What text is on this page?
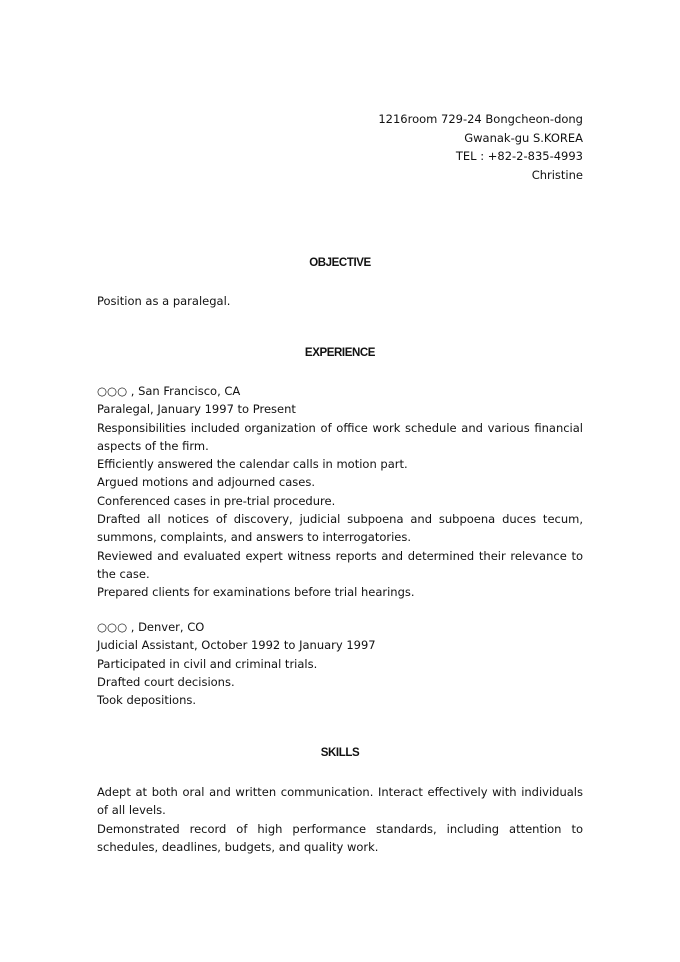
1216room 729-24 Bongcheon-dong
Gwanak-gu S.KOREA
TEL : +82-2-835-4993
Christine
OBJECTIVE
Position as a paralegal.
EXPERIENCE
○○○ , San Francisco, CA
Paralegal, January 1997 to Present
Responsibilities included organization of office work schedule and various financial aspects of the firm.
Efficiently answered the calendar calls in motion part.
Argued motions and adjourned cases.
Conferenced cases in pre-trial procedure.
Drafted all notices of discovery, judicial subpoena and subpoena duces tecum, summons, complaints, and answers to interrogatories.
Reviewed and evaluated expert witness reports and determined their relevance to the case.
Prepared clients for examinations before trial hearings.
○○○ , Denver, CO
Judicial Assistant, October 1992 to January 1997
Participated in civil and criminal trials.
Drafted court decisions.
Took depositions.
SKILLS
Adept at both oral and written communication. Interact effectively with individuals of all levels.
Demonstrated record of high performance standards, including attention to schedules, deadlines, budgets, and quality work.
